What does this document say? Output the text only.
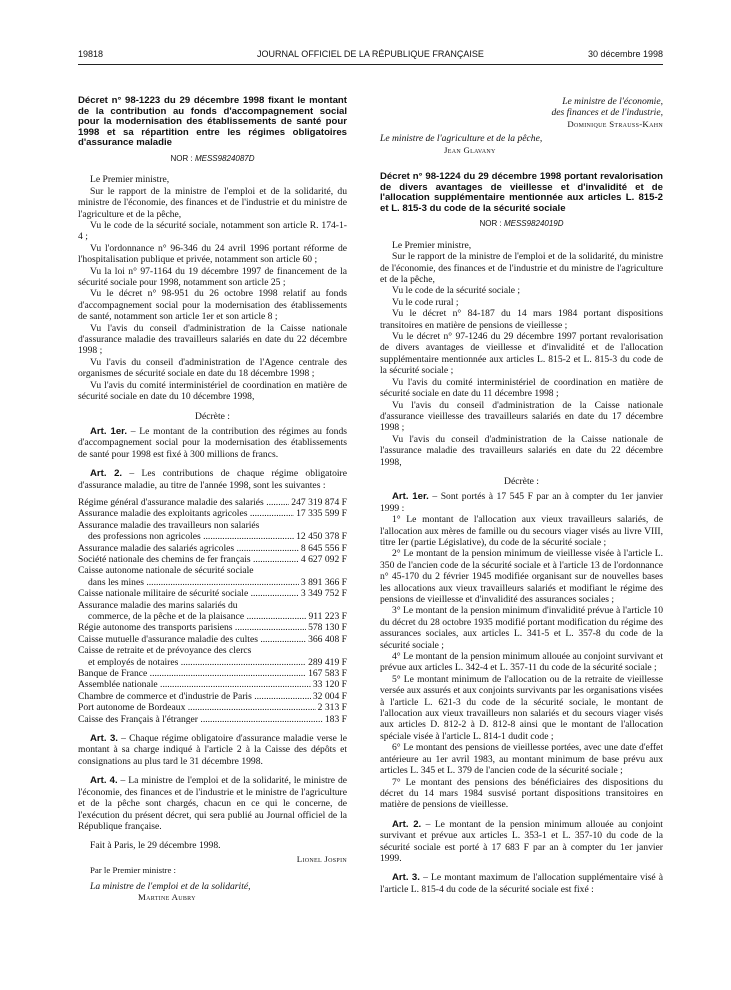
19818	JOURNAL OFFICIEL DE LA RÉPUBLIQUE FRANÇAISE	30 décembre 1998
Décret n° 98-1223 du 29 décembre 1998 fixant le montant de la contribution au fonds d'accompagnement social pour la modernisation des établissements de santé pour 1998 et sa répartition entre les régimes obligatoires d'assurance maladie
NOR : MESS9824087D

Le Premier ministre,

Sur le rapport de la ministre de l'emploi et de la solidarité, du ministre de l'économie, des finances et de l'industrie et du ministre de l'agriculture et de la pêche,

Vu le code de la sécurité sociale, notamment son article R. 174-1-4 ;

Vu l'ordonnance n° 96-346 du 24 avril 1996 portant réforme de l'hospitalisation publique et privée, notamment son article 60 ;

Vu la loi n° 97-1164 du 19 décembre 1997 de financement de la sécurité sociale pour 1998, notamment son article 25 ;

Vu le décret n° 98-951 du 26 octobre 1998 relatif au fonds d'accompagnement social pour la modernisation des établissements de santé, notamment son article 1er et son article 8 ;

Vu l'avis du conseil d'administration de la Caisse nationale d'assurance maladie des travailleurs salariés en date du 22 décembre 1998 ;

Vu l'avis du conseil d'administration de l'Agence centrale des organismes de sécurité sociale en date du 18 décembre 1998 ;

Vu l'avis du comité interministériel de coordination en matière de sécurité sociale en date du 10 décembre 1998,

Décrète :

Art. 1er. – Le montant de la contribution des régimes au fonds d'accompagnement social pour la modernisation des établissements de santé pour 1998 est fixé à 300 millions de francs.

Art. 2. – Les contributions de chaque régime obligatoire d'assurance maladie, au titre de l'année 1998, sont les suivantes :

Régime général d'assurance maladie des salariés .....	247 319 874 F
Assurance maladie des exploitants agricoles .....	17 335 599 F
Assurance maladie des travailleurs non salariés
des professions non agricoles .....	12 450 378 F
Assurance maladie des salariés agricoles .....	8 645 556 F
Société nationale des chemins de fer français .....	4 627 092 F
Caisse autonome nationale de sécurité sociale
dans les mines .....	3 891 366 F
Caisse nationale militaire de sécurité sociale .....	3 349 752 F
Assurance maladie des marins salariés du
commerce, de la pêche et de la plaisance .....	911 223 F
Régie autonome des transports parisiens .....	578 130 F
Caisse mutuelle d'assurance maladie des cultes .....	366 408 F
Caisse de retraite et de prévoyance des clercs
et employés de notaires .....	289 419 F
Banque de France .....	167 583 F
Assemblée nationale .....	33 120 F
Chambre de commerce et d'industrie de Paris .....	32 004 F
Port autonome de Bordeaux .....	2 313 F
Caisse des Français à l'étranger .....	183 F

Art. 3. – Chaque régime obligatoire d'assurance maladie verse le montant à sa charge indiqué à l'article 2 à la Caisse des dépôts et consignations au plus tard le 31 décembre 1998.

Art. 4. – La ministre de l'emploi et de la solidarité, le ministre de l'économie, des finances et de l'industrie et le ministre de l'agriculture et de la pêche sont chargés, chacun en ce qui le concerne, de l'exécution du présent décret, qui sera publié au Journal officiel de la République française.

Fait à Paris, le 29 décembre 1998.

Lionel Jospin

Par le Premier ministre :

La ministre de l'emploi et de la solidarité,

Martine Aubry

Le ministre de l'économie,

des finances et de l'industrie,

Dominique Strauss-Kahn

Le ministre de l'agriculture et de la pêche,

Jean Glavany

Décret n° 98-1224 du 29 décembre 1998 portant revalorisation de divers avantages de vieillesse et d'invalidité et de l'allocation supplémentaire mentionnée aux articles L. 815-2 et L. 815-3 du code de la sécurité sociale
NOR : MESS9824019D

Le Premier ministre,

Sur le rapport de la ministre de l'emploi et de la solidarité, du ministre de l'économie, des finances et de l'industrie et du ministre de l'agriculture et de la pêche,

Vu le code de la sécurité sociale ;

Vu le code rural ;

Vu le décret n° 84-187 du 14 mars 1984 portant dispositions transitoires en matière de pensions de vieillesse ;

Vu le décret n° 97-1246 du 29 décembre 1997 portant revalorisation de divers avantages de vieillesse et d'invalidité et de l'allocation supplémentaire mentionnée aux articles L. 815-2 et L. 815-3 du code de la sécurité sociale ;

Vu l'avis du comité interministériel de coordination en matière de sécurité sociale en date du 11 décembre 1998 ;

Vu l'avis du conseil d'administration de la Caisse nationale d'assurance vieillesse des travailleurs salariés en date du 17 décembre 1998 ;

Vu l'avis du conseil d'administration de la Caisse nationale de l'assurance maladie des travailleurs salariés en date du 22 décembre 1998,

Décrète :

Art. 1er. – Sont portés à 17 545 F par an à compter du 1er janvier 1999 :

1° Le montant de l'allocation aux vieux travailleurs salariés, de l'allocation aux mères de famille ou du secours viager visés au livre VIII, titre Ier (partie Législative), du code de la sécurité sociale ;

2° Le montant de la pension minimum de vieillesse visée à l'article L. 350 de l'ancien code de la sécurité sociale et à l'article 13 de l'ordonnance n° 45-170 du 2 février 1945 modifiée organisant sur de nouvelles bases les allocations aux vieux travailleurs salariés et modifiant le régime des pensions de vieillesse et d'invalidité des assurances sociales ;

3° Le montant de la pension minimum d'invalidité prévue à l'article 10 du décret du 28 octobre 1935 modifié portant modification du régime des assurances sociales, aux articles L. 341-5 et L. 357-8 du code de la sécurité sociale ;

4° Le montant de la pension minimum allouée au conjoint survivant et prévue aux articles L. 342-4 et L. 357-11 du code de la sécurité sociale ;

5° Le montant minimum de l'allocation ou de la retraite de vieillesse versée aux assurés et aux conjoints survivants par les organisations visées à l'article L. 621-3 du code de la sécurité sociale, le montant de l'allocation aux vieux travailleurs non salariés et du secours viager visés aux articles D. 812-2 à D. 812-8 ainsi que le montant de l'allocation spéciale visée à l'article L. 814-1 dudit code ;

6° Le montant des pensions de vieillesse portées, avec une date d'effet antérieure au 1er avril 1983, au montant minimum de base prévu aux articles L. 345 et L. 379 de l'ancien code de la sécurité sociale ;

7° Le montant des pensions des bénéficiaires des dispositions du décret du 14 mars 1984 susvisé portant dispositions transitoires en matière de pensions de vieillesse.

Art. 2. – Le montant de la pension minimum allouée au conjoint survivant et prévue aux articles L. 353-1 et L. 357-10 du code de la sécurité sociale est porté à 17 683 F par an à compter du 1er janvier 1999.

Art. 3. – Le montant maximum de l'allocation supplémentaire visé à l'article L. 815-4 du code de la sécurité sociale est fixé :
